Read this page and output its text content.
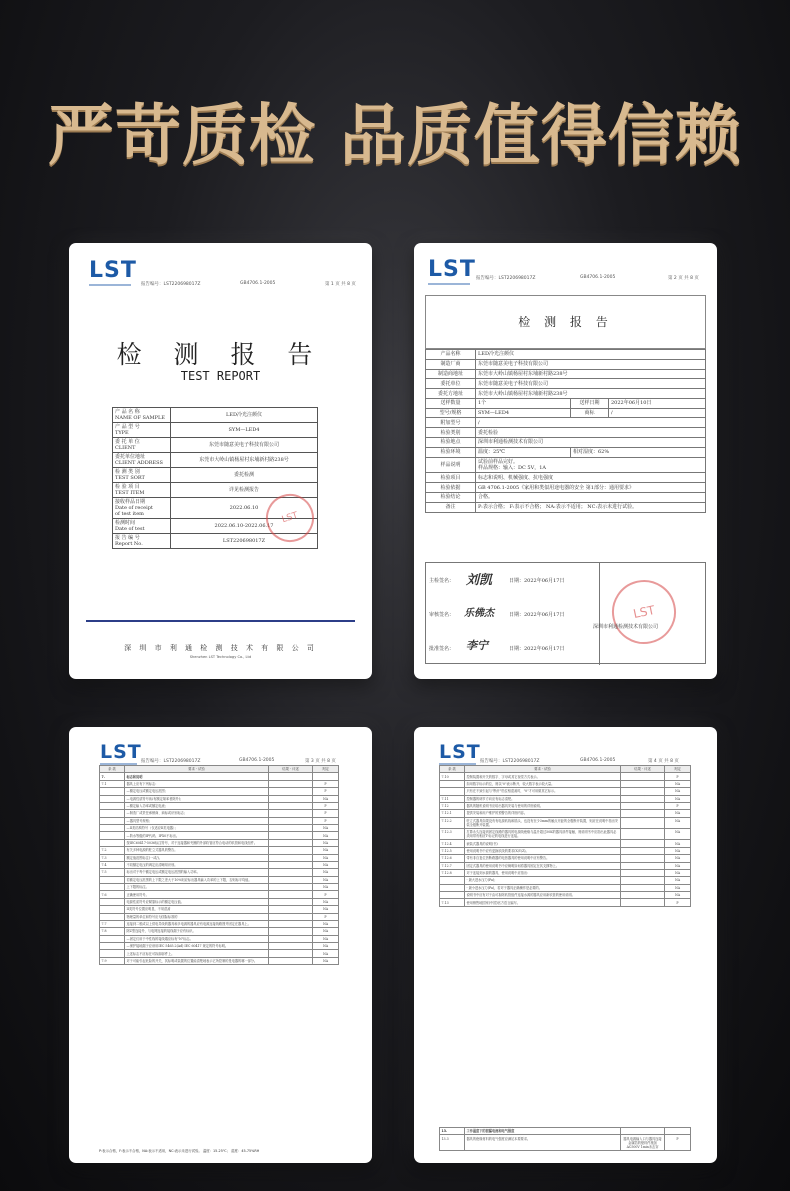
严苛质检 品质值得信赖
LST
报告编号：LST22069801​7Z	GB4706.1-2005	第 1 页 共 8 页
检 测 报 告
TEST REPORT
产 品 名 称
NAME OF SAMPLE	LED冷光注颜仪
产 品 型 号
TYPE	SYM—LED4
委 托 单 位
CLIENT	东莞市随意美电子科技有限公司
委托单位地址
CLIENT ADDRESS	东莞市大岭山镇杨屋村东埔新村路238号
检 测 类 别
TEST SORT	委托检测
检 验 项 目
TEST ITEM	详见检测报告
接收样品日期
Date of receipt
of test item	2022.06.10
检测时间
Date of test	2022.06.10-2022.06.17
报 告 编 号
Report No.	LST2206980​17Z
LST
深 圳 市 利 通 检 测 技 术 有 限 公 司
Shenzhen LST Technology Co., Ltd
LST 报告编号：LST22069801​7Z	GB4706.1-2005	第 2 页 共 8 页
检 测 报 告
产品名称	LED冷光注颜仪		
制造厂商	东莞市随意美电子科技有限公司		
制造商地址	东莞市大岭山镇杨屋村东埔新村路238号		
委托单位	东莞市随意美电子科技有限公司		
委托方地址	东莞市大岭山镇杨屋村东埔新村路238号		
送样数量	1个	送样日期	2022年06月10日
型号/规格	SYM—LED4	商标	/
附加型号	/		
检验类别	委托检验		
检验地点	深圳市利通检测技术有限公司		
检验环境	温度：25℃	相对湿度：62%	
样品说明	试验前样品完好。
样品规格：输入：DC 5V，1A		

检验项目	标志和说明、机械强度、抗电强度		
检验依据	GB 4706.1-2005《家用和类似用途电器的安全 第1部分：通用要求》		
检验结论	合格。		
备注	P:表示合格； F:表示不合格； NA:表示不适用； NC:表示未进行试验。		
主检签名： 刘凯	日期：2022年06月17日
审核签名： 乐佛杰	日期：2022年06月17日
批准签名： 李宁	日期：2022年06月17日
LST
深圳市利通检测技术有限公司
LST 报告编号：LST22069801​7Z	GB4706.1-2005	第 3 页 共 8 页
条 款	要求 - 试验	结果 - 评述	判定
7.	标志和说明		
7.1	器具上应有下列标志：		P
	—额定电压或额定电压范围；		P
	—电源性质符号(标有额定频率者除外)；		NA
	—额定输入功率或额定电流；		P
	—制造厂或责任承销商、商标或识别标志；		P
	—器具型号规格；		P
	—II类结构符号（仅适应II类电器）；		NA
	—防水等级的IP代码，IPX0不标出。		NA
	按IEC60417-5036标注符号，对于连接器和夹圈的外部软管应符合电动的软管和电线组件。		NA
7.2	有关多种电源的驻立式器具的警告。		NA
7.3	额定值范围标注(一或/)。		NA
7.4	不同额定电压的调定应清晰易识别。		NA
7.5	标出对于每个额定电压或额定电压范围的输入功率。		NA
	若额定电压范围的上下限之差大于10%则应标出器具输入功率的上下限，否则标平均值。		NA
	上下限的标注。		NA
7.6	正确使用符号。		P
	电源性质符号应紧靠标示的额定电压值。		NA
	II类符号位置应明显，不易混淆		NA
	物理量的单位和符号应为国际标准的		P
7.7	连接到二根或以上供电导线的器具和多电源的器具应有电源连接线路图并固定在器具上。		NA
7.8	除Z型连接外，与电网连接的接线端子应有标识。		NA
	—固定仅用于中性线的接线端应标有"N"标志。		NA
	—保护接地端子应该用IEC 5465.2(Ad) IEC 60417 规定的符号标明。		NA
	上述标志不应标在可拆卸部件上。		NA
7.9	对于可能引起危险的开关，其标明或装置的位置能清楚地表示它所控制的是电器的哪一部分。		NA
P:表示合格，F:表示不合格，NA:表示不适用，NC:表示未进行试验。 温度：15-25℃； 湿度：45-75%RH
LST 报告编号：LST22069801​7Z	GB4706.1-2005	第 4 页 共 8 页
条 款	要求 - 试验	结果 - 评述	判定
7.10	控制装置和开关的数字、字母或其它视觉方式表示。		P
	如用数字标示的位，则以"0"表示断开，较大数字表示较大量。		NA
	只有在不致引起与"断开"档位相混淆时，"0"才可用做其它标示。		NA
7.11	控制器的调节方向应有标志清楚。		NA
7.12	器具的随机说明书应给出器具安装与使用的详细说明。		P
7.12.1	提供安装和用户维护的预警告的详细内容。		NA
7.12.2	驻立式器具如果没有有电源软线和插头，也没有至少3mm的触点开距的全极断开装置，则应在说明中指出安装全极断开装置。		NA
7.12.3	打算永久连接到固定线路的器具的电源线绝缘与温升超过50K的器具部件接触，则说明书中应指出此器具必须用带有相应T-标记的电线进行连接。		NA
7.12.4	嵌装式器具的说明(书)		NA
7.12.5	使用说明书中应有更换软线的要求(X/Y/Z)。		NA
7.12.6	带有非自复位热断路器的电热器具的使用说明中应有警告。		NA
7.12.7	固定式器具的使用说明书中应阐明如何将器具固定在其支撑物上。		NA
7.12.8	对于连接到水源的器具，使用说明中应指出：		NA
	- 最大进水压力(Pa)；		NA
	- 最小进水压力(Pa)，若对于器具正确操作是必要的。		NA
	说明书中应有对于由可拆除软管组件连接水源的器具应用新软管的使用说明。		NA
7.13	使用销售地国家(中国)官方语言编写。		P
13.	工作温度下的泄漏电流和电气强度		
13.3	器具的绝缘材料的电气强度应满足本要要求。	器具电源输入口与器具连接金属箔的壁料件施加 AC500V 1min未击穿	P
